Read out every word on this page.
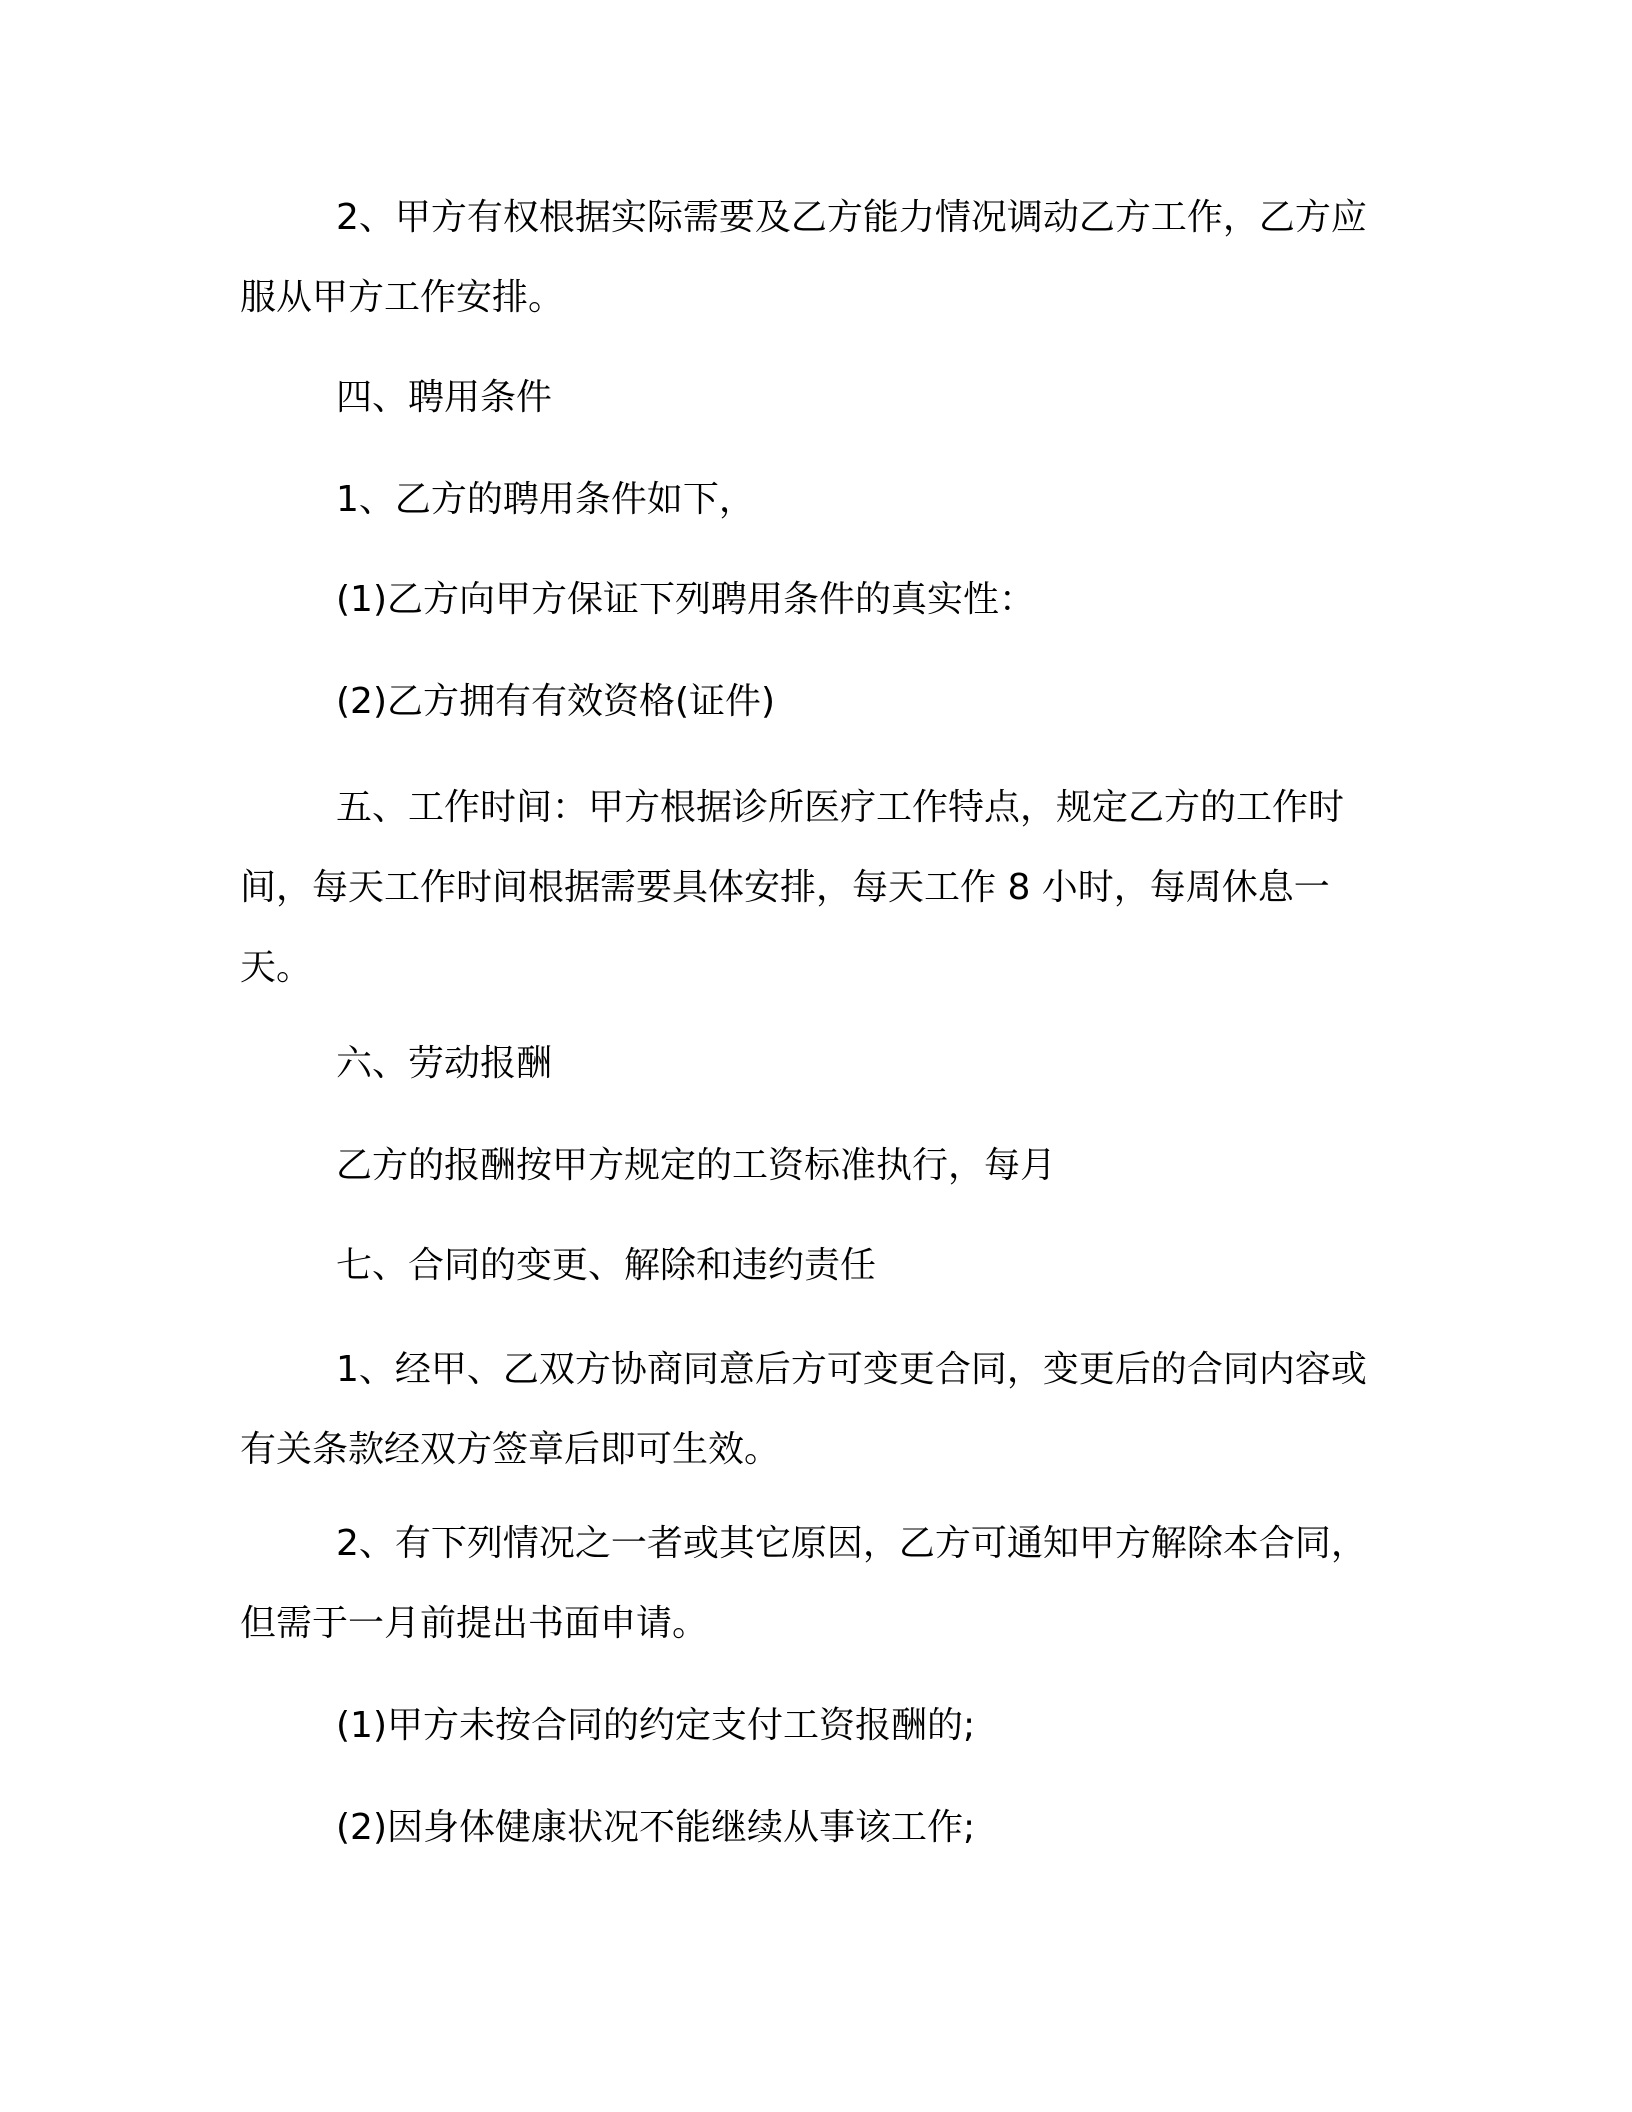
2、甲方有权根据实际需要及乙方能力情况调动乙方工作，乙方应服从甲方工作安排。

四、聘用条件

1、乙方的聘用条件如下，

(1)乙方向甲方保证下列聘用条件的真实性：

(2)乙方拥有有效资格(证件)

五、工作时间：甲方根据诊所医疗工作特点，规定乙方的工作时间，每天工作时间根据需要具体安排，每天工作 8 小时，每周休息一天。

六、劳动报酬

乙方的报酬按甲方规定的工资标准执行，每月

七、合同的变更、解除和违约责任

1、经甲、乙双方协商同意后方可变更合同，变更后的合同内容或有关条款经双方签章后即可生效。

2、有下列情况之一者或其它原因，乙方可通知甲方解除本合同，但需于一月前提出书面申请。

(1)甲方未按合同的约定支付工资报酬的;

(2)因身体健康状况不能继续从事该工作;
